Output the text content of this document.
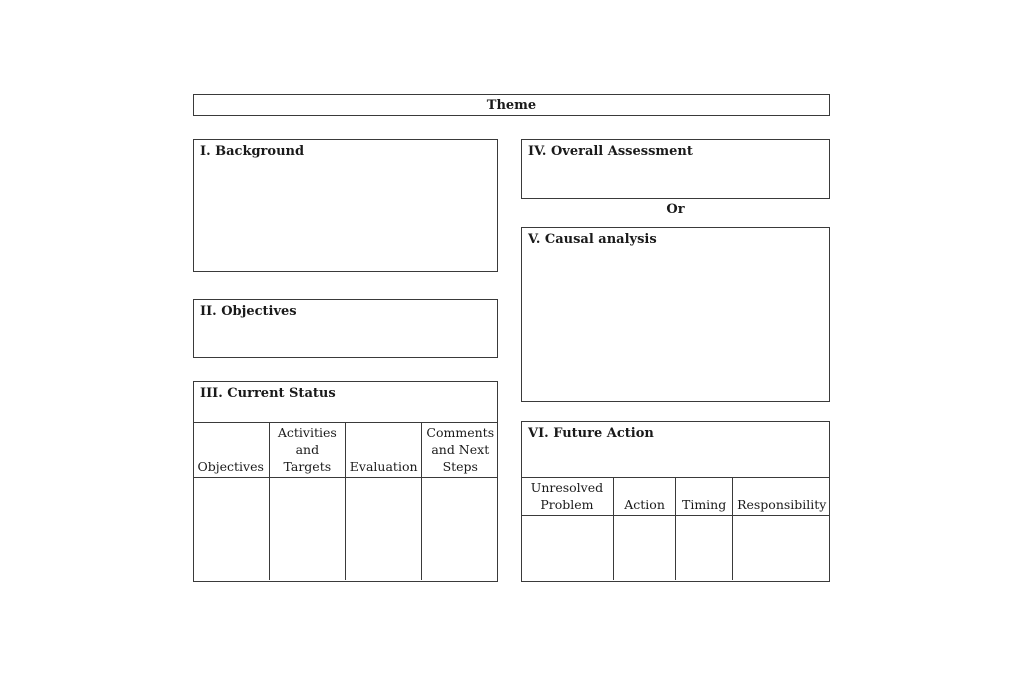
Theme
I. Background
II. Objectives
III. Current Status
Objectives	Activities and Targets	Evaluation	Comments and Next Steps

IV. Overall Assessment
Or
V. Causal analysis
VI. Future Action
Unresolved Problem	Action	Timing	Responsibility
